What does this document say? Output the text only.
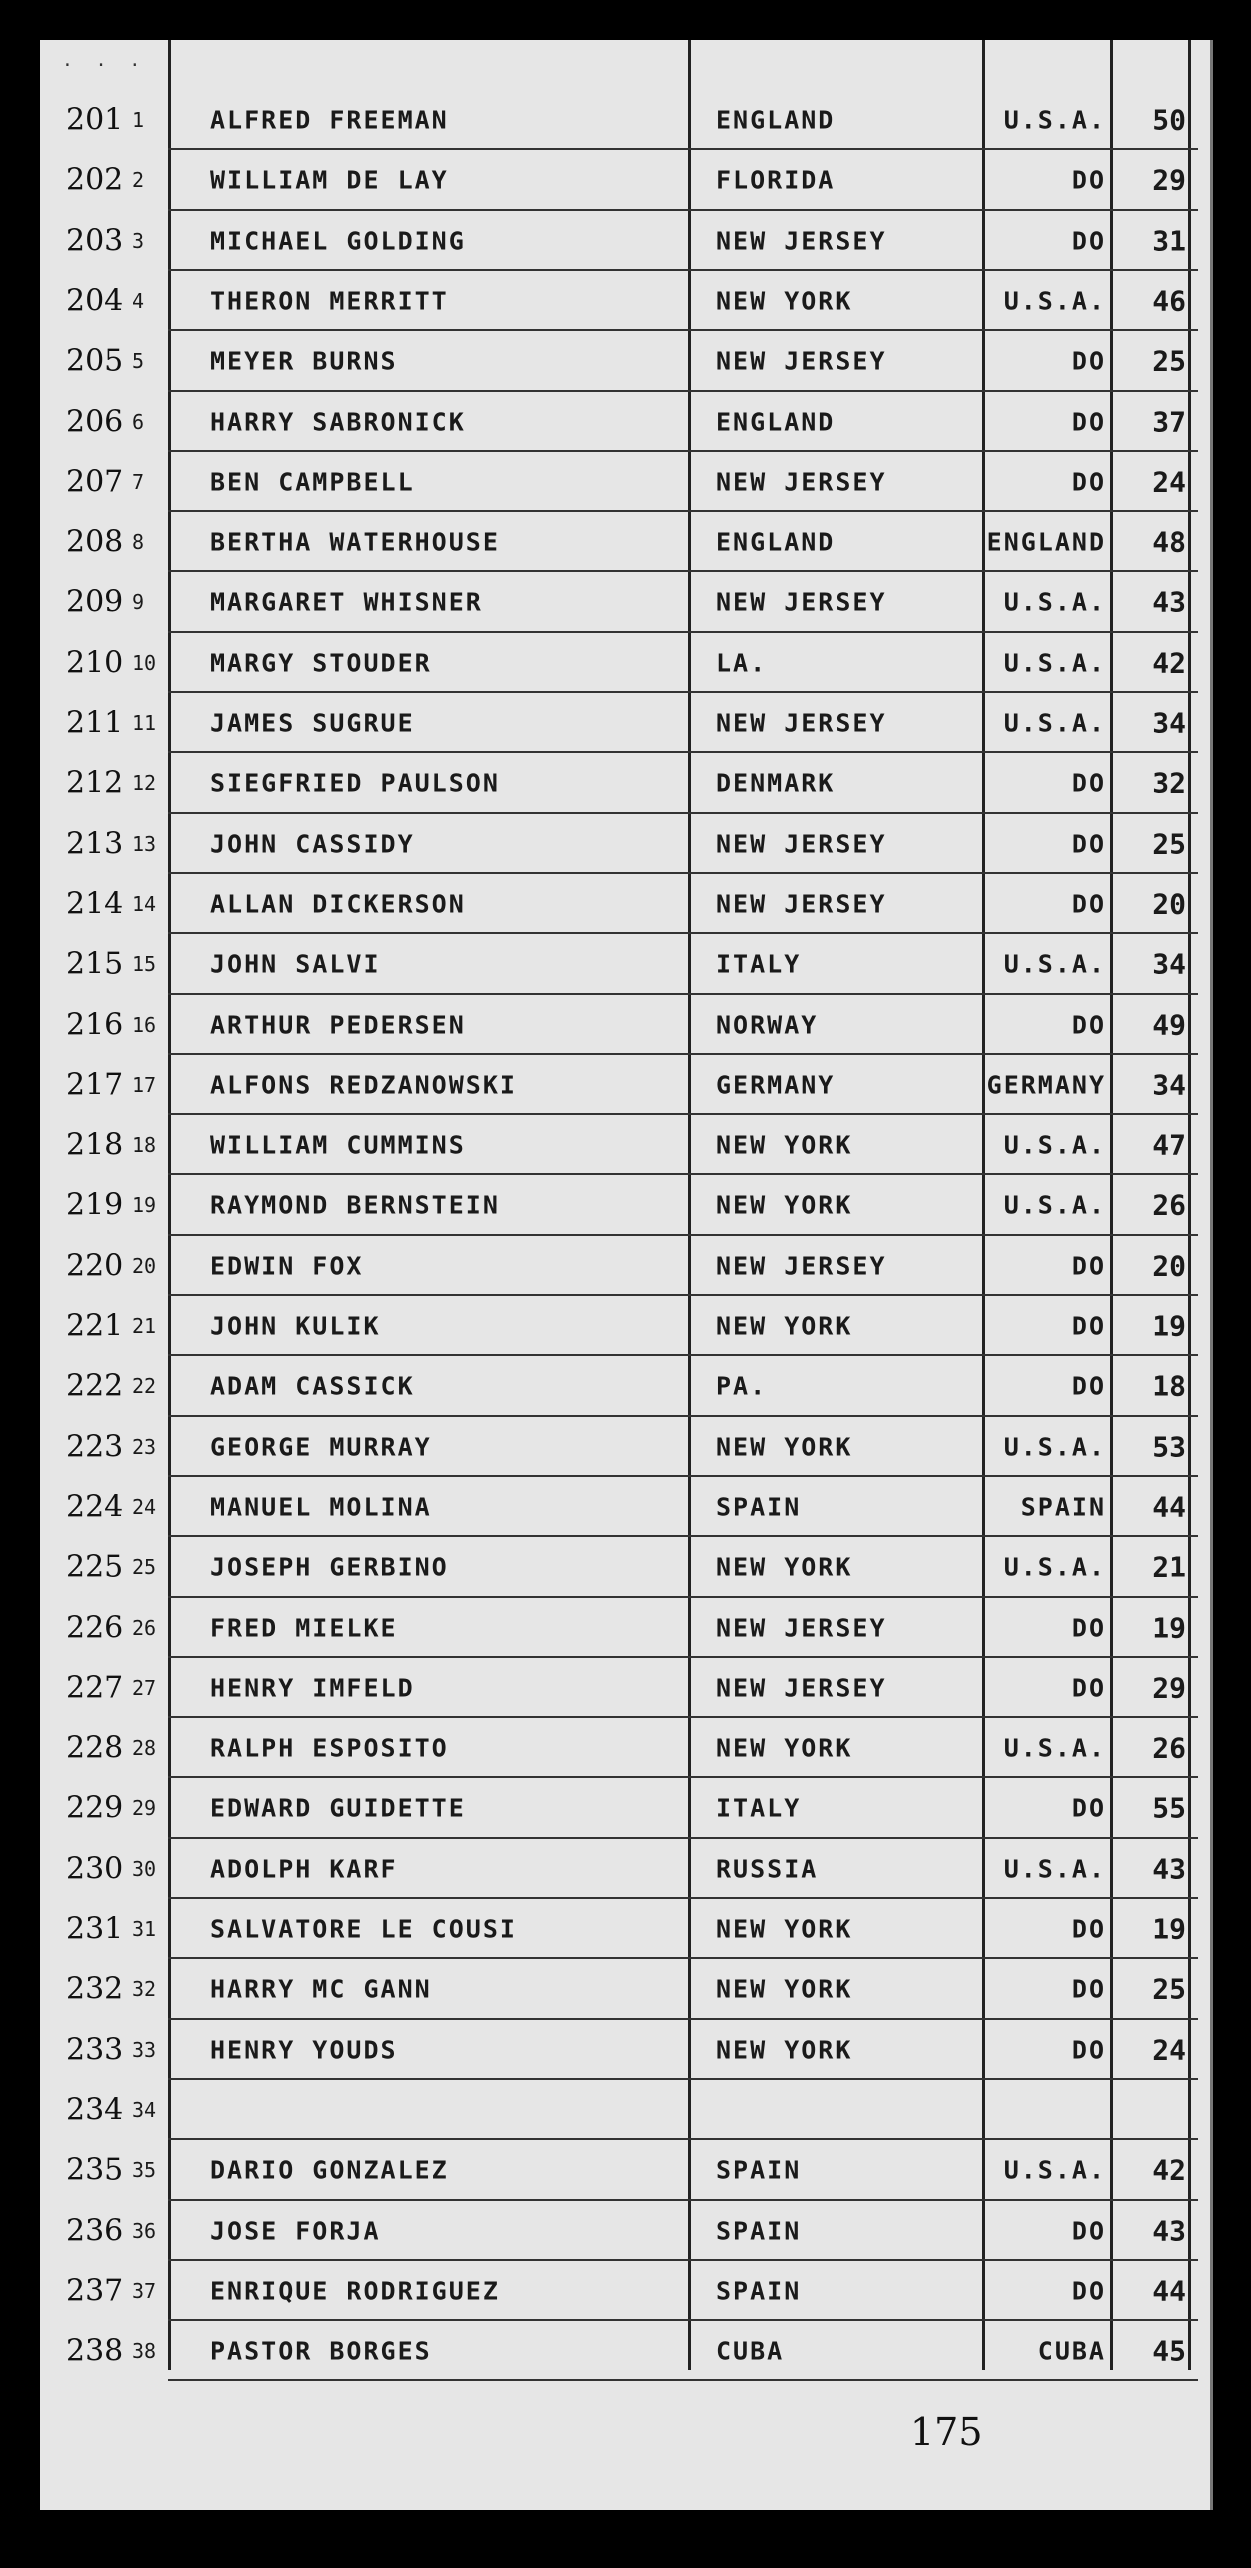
. . .
201 1	ALFRED FREEMAN	ENGLAND	U.S.A.	50
202 2	WILLIAM DE LAY	FLORIDA	DO	29
203 3	MICHAEL GOLDING	NEW JERSEY	DO	31
204 4	THERON MERRITT	NEW YORK	U.S.A.	46
205 5	MEYER BURNS	NEW JERSEY	DO	25
206 6	HARRY SABRONICK	ENGLAND	DO	37
207 7	BEN CAMPBELL	NEW JERSEY	DO	24
208 8	BERTHA WATERHOUSE	ENGLAND	ENGLAND	48
209 9	MARGARET WHISNER	NEW JERSEY	U.S.A.	43
210 10 MARGY STOUDER	LA.	U.S.A.	42
211 11 JAMES SUGRUE	NEW JERSEY	U.S.A.	34
212 12 SIEGFRIED PAULSON	DENMARK	DO	32
213 13 JOHN CASSIDY	NEW JERSEY	DO	25
214 14 ALLAN DICKERSON	NEW JERSEY	DO	20
215 15 JOHN SALVI	ITALY	U.S.A.	34
216 16 ARTHUR PEDERSEN	NORWAY	DO	49
217 17 ALFONS REDZANOWSKI	GERMANY	GERMANY	34
218 18 WILLIAM CUMMINS	NEW YORK	U.S.A.	47
219 19 RAYMOND BERNSTEIN	NEW YORK	U.S.A.	26
220 20 EDWIN FOX	NEW JERSEY	DO	20
221 21 JOHN KULIK	NEW YORK	DO	19
222 22 ADAM CASSICK	PA.	DO	18
223 23 GEORGE MURRAY	NEW YORK	U.S.A.	53
224 24 MANUEL MOLINA	SPAIN	SPAIN	44
225 25 JOSEPH GERBINO	NEW YORK	U.S.A.	21
226 26 FRED MIELKE	NEW JERSEY	DO	19
227 27 HENRY IMFELD	NEW JERSEY	DO	29
228 28 RALPH ESPOSITO	NEW YORK	U.S.A.	26
229 29 EDWARD GUIDETTE	ITALY	DO	55
230 30 ADOLPH KARF	RUSSIA	U.S.A.	43
231 31 SALVATORE LE COUSI	NEW YORK	DO	19
232 32 HARRY MC GANN	NEW YORK	DO	25
233 33 HENRY YOUDS	NEW YORK	DO	24
234 34
235 35 DARIO GONZALEZ	SPAIN	U.S.A.	42
236 36 JOSE FORJA	SPAIN	DO	43
237 37 ENRIQUE RODRIGUEZ	SPAIN	DO	44
238 38 PASTOR BORGES	CUBA	CUBA	45
175
